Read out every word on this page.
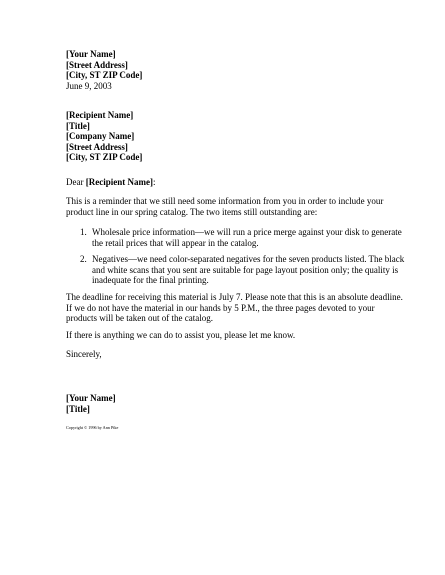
[Your Name]
[Street Address]
[City, ST ZIP Code]
June 9, 2003
[Recipient Name]
[Title]
[Company Name]
[Street Address]
[City, ST ZIP Code]
Dear [Recipient Name]:

This is a reminder that we still need some information from you in order to include your product line in our spring catalog. The two items still outstanding are:

1. Wholesale price information—we will run a price merge against your disk to generate the retail prices that will appear in the catalog.

2. Negatives—we need color-separated negatives for the seven products listed. The black and white scans that you sent are suitable for page layout position only; the quality is inadequate for the final printing.

The deadline for receiving this material is July 7. Please note that this is an absolute deadline. If we do not have the material in our hands by 5 P.M., the three pages devoted to your products will be taken out of the catalog.

If there is anything we can do to assist you, please let me know.

Sincerely,

[Your Name]
[Title]
Copyright © 1996 by Ann Pike
